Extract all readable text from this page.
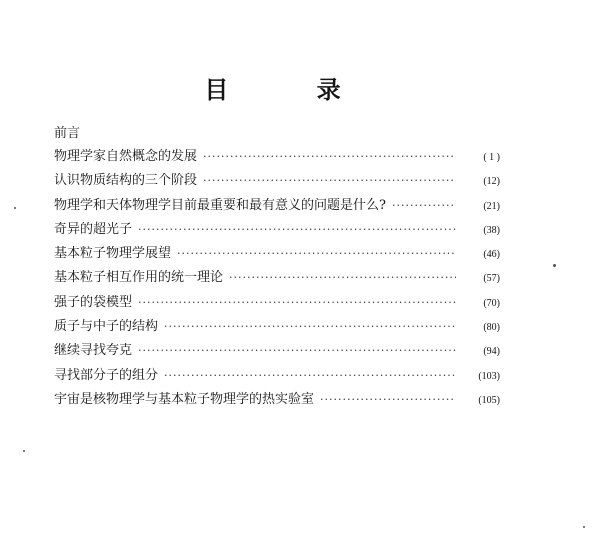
目 录
前言
物理学家自然概念的发展 ·····	( 1 )
认识物质结构的三个阶段 ·····	(12)
物理学和天体物理学目前最重要和最有意义的问题是什么? ·····	(21)
奇异的超光子 ·····	(38)
基本粒子物理学展望 ·····	(46)
基本粒子相互作用的统一理论 ·····	(57)
强子的袋模型 ·····	(70)
质子与中子的结构 ·····	(80)
继续寻找夸克 ·····	(94)
寻找部分子的组分 ·····	(103)
宇宙是核物理学与基本粒子物理学的热实验室 ·····	(105)
